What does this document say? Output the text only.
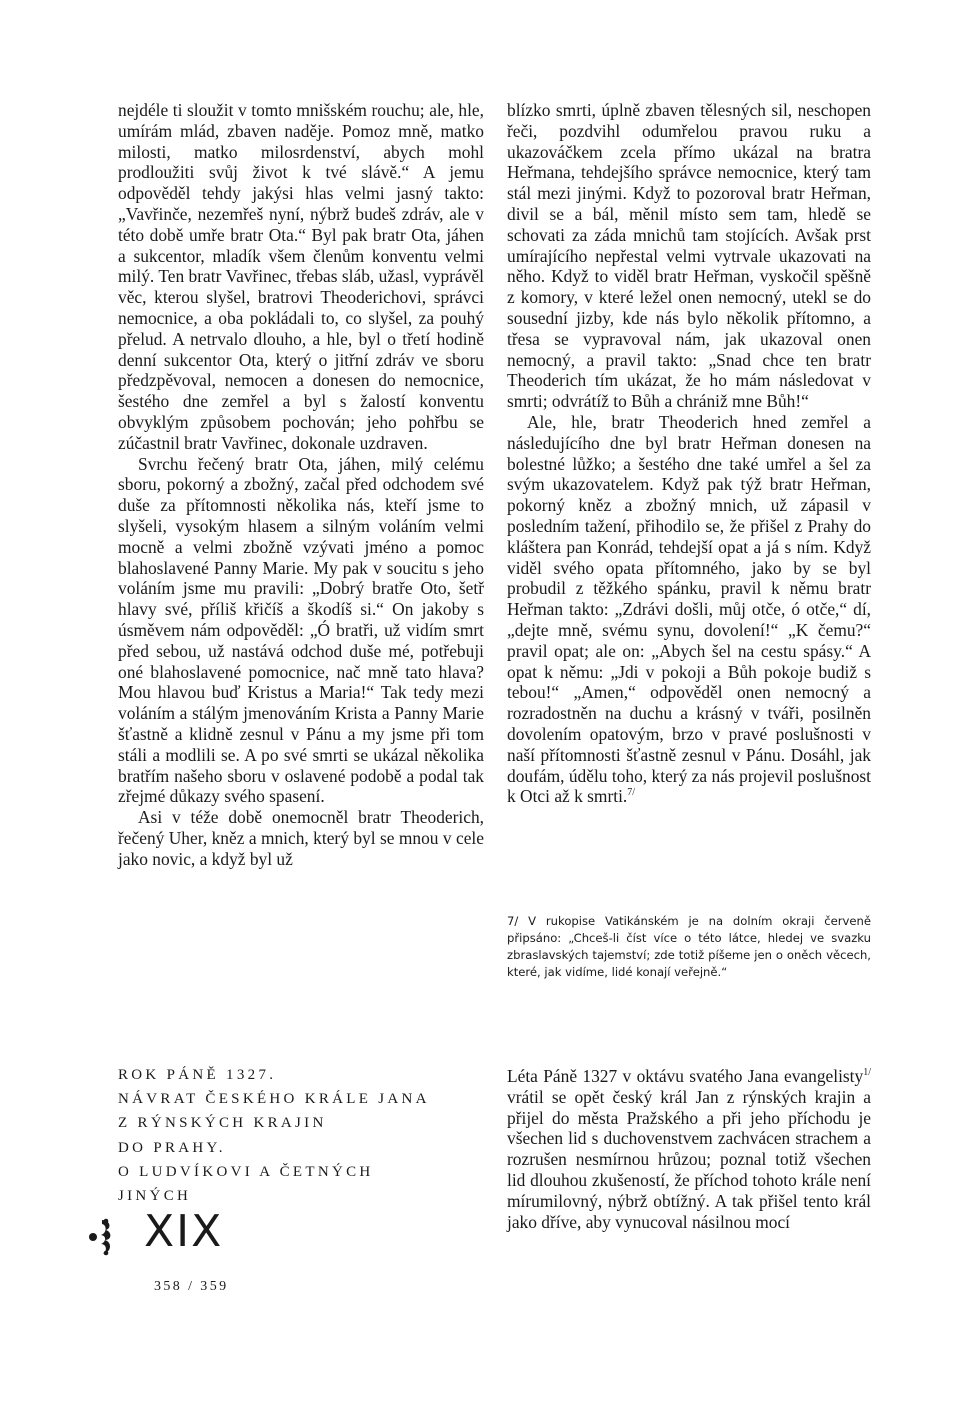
nejdéle ti sloužit v tomto mnišském rouchu; ale, hle, umírám mlád, zbaven naděje. Pomoz mně, matko milosti, matko milosrdenství, abych mohl prodloužiti svůj život k tvé slávě.“ A jemu odpověděl tehdy jakýsi hlas velmi jasný takto: „Vavřinče, nezemřeš nyní, nýbrž budeš zdráv, ale v této době umře bratr Ota.“ Byl pak bratr Ota, jáhen a sukcentor, mladík všem členům konventu velmi milý. Ten bratr Vavřinec, třebas sláb, užasl, vyprávěl věc, kterou slyšel, bratrovi Theoderichovi, správci nemocnice, a oba pokládali to, co slyšel, za pouhý přelud. A netrvalo dlouho, a hle, byl o třetí hodině denní sukcentor Ota, který o jitřní zdráv ve sboru předzpěvoval, nemocen a donesen do nemocnice, šestého dne zemřel a byl s žalostí konventu obvyklým způsobem pochován; jeho pohřbu se zúčastnil bratr Vavřinec, dokonale uzdraven.

Svrchu řečený bratr Ota, jáhen, milý celému sboru, pokorný a zbožný, začal před odchodem své duše za přítomnosti několika nás, kteří jsme to slyšeli, vysokým hlasem a silným voláním velmi mocně a velmi zbožně vzývati jméno a pomoc blahoslavené Panny Marie. My pak v soucitu s jeho voláním jsme mu pravili: „Dobrý bratře Oto, šetř hlavy své, příliš křičíš a škodíš si.“ On jakoby s úsměvem nám odpověděl: „Ó bratři, už vidím smrt před sebou, už nastává odchod duše mé, potřebuji oné blahoslavené pomocnice, nač mně tato hlava? Mou hlavou buď Kristus a Maria!“ Tak tedy mezi voláním a stálým jmenováním Krista a Panny Marie šťastně a klidně zesnul v Pánu a my jsme při tom stáli a modlili se. A po své smrti se ukázal několika bratřím našeho sboru v oslavené podobě a podal tak zřejmé důkazy svého spasení.

Asi v téže době onemocněl bratr Theoderich, řečený Uher, kněz a mnich, který byl se mnou v cele jako novic, a když byl už

blízko smrti, úplně zbaven tělesných sil, neschopen řeči, pozdvihl odumřelou pravou ruku a ukazováčkem zcela přímo ukázal na bratra Heřmana, tehdejšího správce nemocnice, který tam stál mezi jinými. Když to pozoroval bratr Heřman, divil se a bál, měnil místo sem tam, hledě se schovati za záda mnichů tam stojících. Avšak prst umírajícího nepřestal velmi vytrvale ukazovati na něho. Když to viděl bratr Heřman, vyskočil spěšně z komory, v které ležel onen nemocný, utekl se do sousední jizby, kde nás bylo několik přítomno, a třesa se vypravoval nám, jak ukazoval onen nemocný, a pravil takto: „Snad chce ten bratr Theoderich tím ukázat, že ho mám následovat v smrti; odvrátíž to Bůh a chrániž mne Bůh!“

Ale, hle, bratr Theoderich hned zemřel a následujícího dne byl bratr Heřman donesen na bolestné lůžko; a šestého dne také umřel a šel za svým ukazovatelem. Když pak týž bratr Heřman, pokorný kněz a zbožný mnich, už zápasil v posledním tažení, přihodilo se, že přišel z Prahy do kláštera pan Konrád, tehdejší opat a já s ním. Když viděl svého opata přítomného, jako by se byl probudil z těžkého spánku, pravil k němu bratr Heřman takto: „Zdrávi došli, můj otče, ó otče,“ dí, „dejte mně, svému synu, dovolení!“ „K čemu?“ pravil opat; ale on: „Abych šel na cestu spásy.“ A opat k němu: „Jdi v pokoji a Bůh pokoje budiž s tebou!“ „Amen,“ odpověděl onen nemocný a rozradostněn na duchu a krásný v tváři, posilněn dovolením opatovým, brzo v pravé poslušnosti v naší přítomnosti šťastně zesnul v Pánu. Dosáhl, jak doufám, údělu toho, který za nás projevil poslušnost k Otci až k smrti.$^{7/}$

7/ V rukopise Vatikánském je na dolním okraji červeně připsáno: „Chceš-li číst více o této látce, hledej ve svazku zbraslavských tajemství; zde totiž píšeme jen o oněch věcech, které, jak vidíme, lidé konají veřejně.“
ROK PÁNĚ 1327.
NÁVRAT ČESKÉHO KRÁLE JANA
Z RÝNSKÝCH KRAJIN
DO PRAHY.
O LUDVÍKOVI A ČETNÝCH
JINÝCH
XIX
358 / 359

Léta Páně 1327 v oktávu svatého Jana evangelisty$^{1/}$ vrátil se opět český král Jan z rýnských krajin a přijel do města Pražského a při jeho příchodu je všechen lid s duchovenstvem zachvácen strachem a rozrušen nesmírnou hrůzou; poznal totiž všechen lid dlouhou zkušeností, že příchod tohoto krále není mírumilovný, nýbrž obtížný. A tak přišel tento král jako dříve, aby vynucoval násilnou mocí
